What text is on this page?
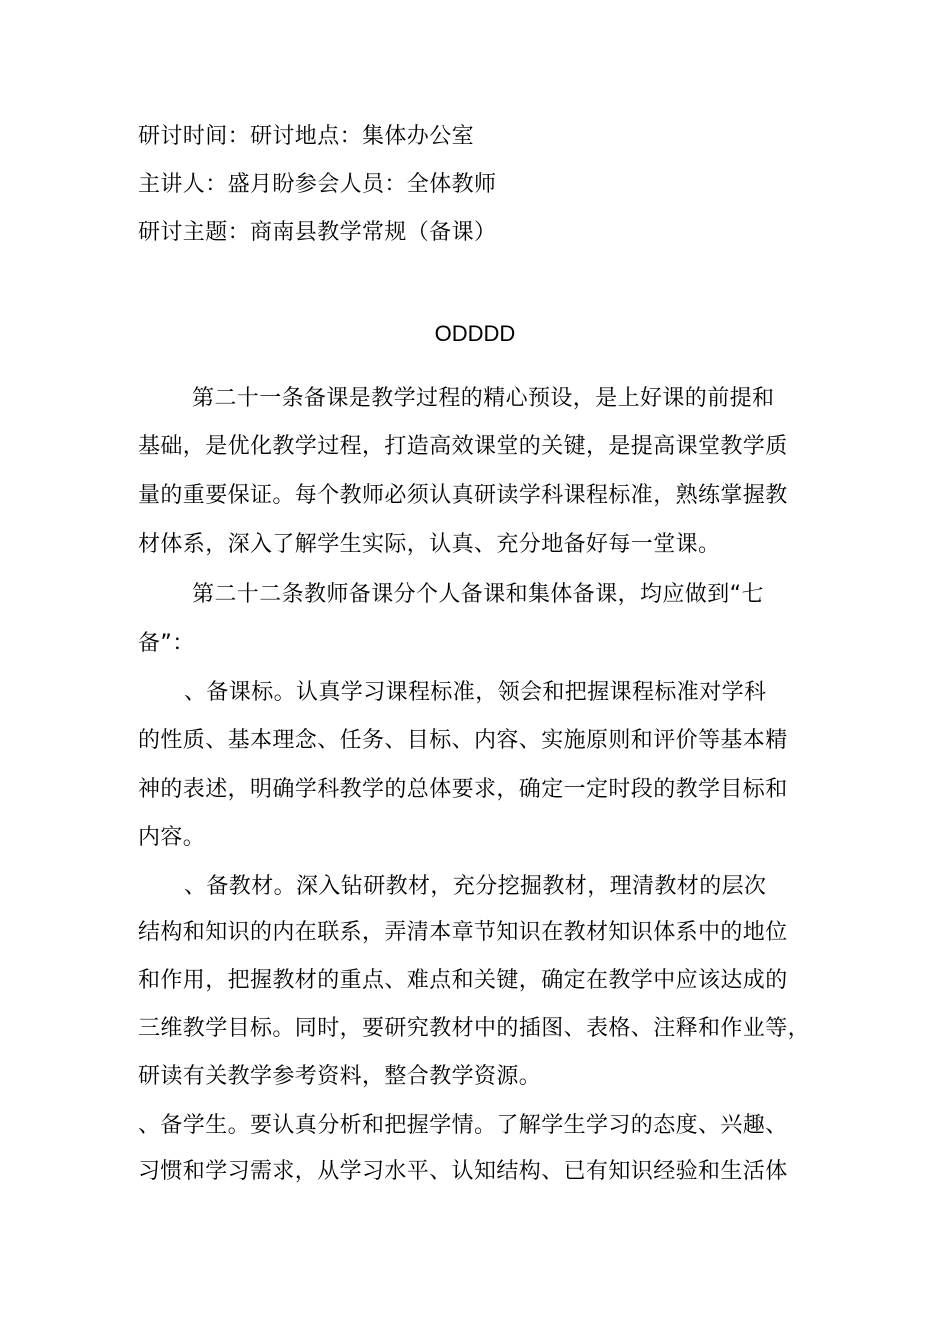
研讨时间：研讨地点：集体办公室
主讲人：盛月盼参会人员：全体教师
研讨主题：商南县教学常规（备课）
ODDDD
第二十一条备课是教学过程的精心预设，是上好课的前提和
基础，是优化教学过程，打造高效课堂的关键，是提高课堂教学质
量的重要保证。每个教师必须认真研读学科课程标准，熟练掌握教
材体系，深入了解学生实际，认真、充分地备好每一堂课。
第二十二条教师备课分个人备课和集体备课，均应做到“七
备”：
、备课标。认真学习课程标准，领会和把握课程标准对学科
的性质、基本理念、任务、目标、内容、实施原则和评价等基本精
神的表述，明确学科教学的总体要求，确定一定时段的教学目标和
内容。
、备教材。深入钻研教材，充分挖掘教材，理清教材的层次
结构和知识的内在联系，弄清本章节知识在教材知识体系中的地位
和作用，把握教材的重点、难点和关键，确定在教学中应该达成的
三维教学目标。同时，要研究教材中的插图、表格、注释和作业等，
研读有关教学参考资料，整合教学资源。
、备学生。要认真分析和把握学情。了解学生学习的态度、兴趣、
习惯和学习需求，从学习水平、认知结构、已有知识经验和生活体
